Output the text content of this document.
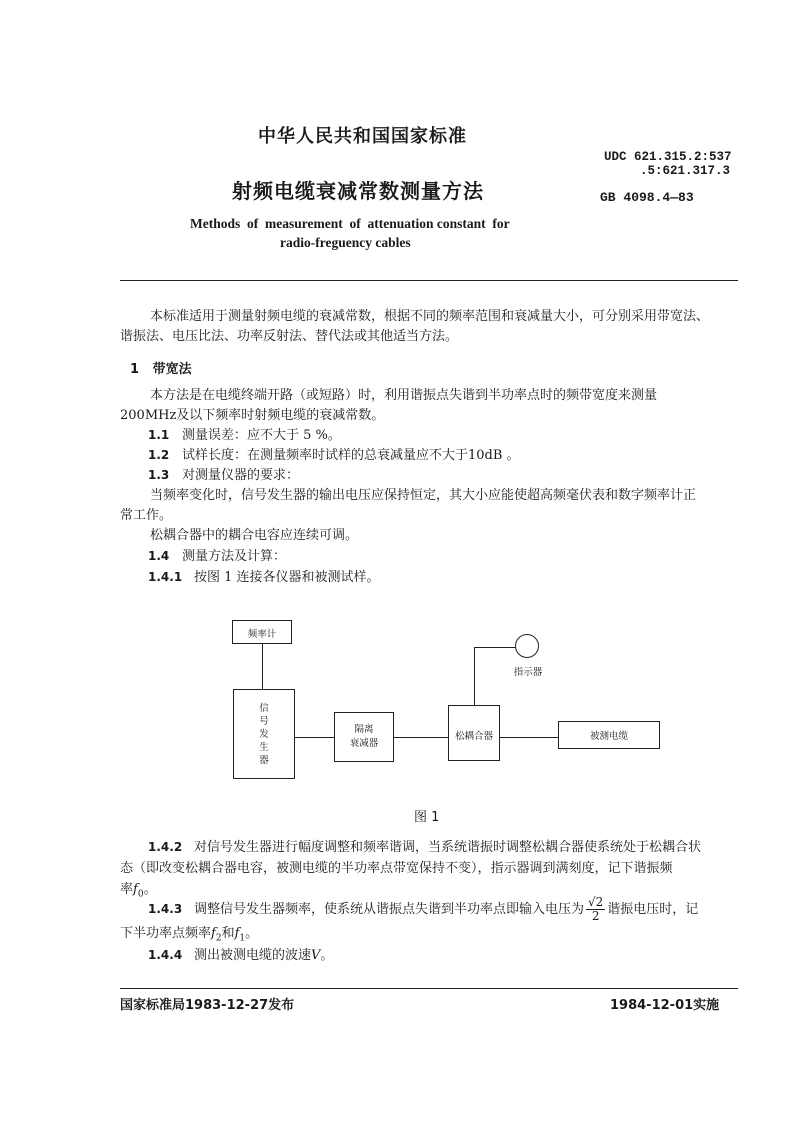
中华人民共和国国家标准
射频电缆衰减常数测量方法
UDC 621.315.2:537
.5:621.317.3
GB 4098.4—83
Methods  of  measurement  of  attenuation constant  for
radio-freguency cables
本标准适用于测量射频电缆的衰减常数，根据不同的频率范围和衰减量大小，可分别采用带宽法、
谐振法、电压比法、功率反射法、替代法或其他适当方法。
1 带宽法
本方法是在电缆终端开路（或短路）时，利用谐振点失谐到半功率点时的频带宽度来测量
200MHz及以下频率时射频电缆的衰减常数。
1.1 测量误差：应不大于 5 %。
1.2 试样长度：在测量频率时试样的总衰减量应不大于10dB 。
1.3 对测量仪器的要求：
当频率变化时，信号发生器的输出电压应保持恒定，其大小应能使超高频毫伏表和数字频率计正
常工作。
松耦合器中的耦合电容应连续可调。
1.4 测量方法及计算：
1.4.1 按图 1 连接各仪器和被测试样。
频率计
信
号
发
生
器
隔离
衰减器
松耦合器	被测电缆
指示器
图 1
1.4.2 对信号发生器进行幅度调整和频率谐调，当系统谐振时调整松耦合器使系统处于松耦合状
态（即改变松耦合器电容，被测电缆的半功率点带宽保持不变），指示器调到满刻度，记下谐振频
率$f_0$。
1.4.3 调整信号发生器频率，使系统从谐振点失谐到半功率点即输入电压为 $\frac{√2}{2}$ 谐振电压时，记
下半功率点频率$f_2$和$f_1$。
1.4.4 测出被测电缆的波速V。
国家标准局1983-12-27发布	1984-12-01实施
